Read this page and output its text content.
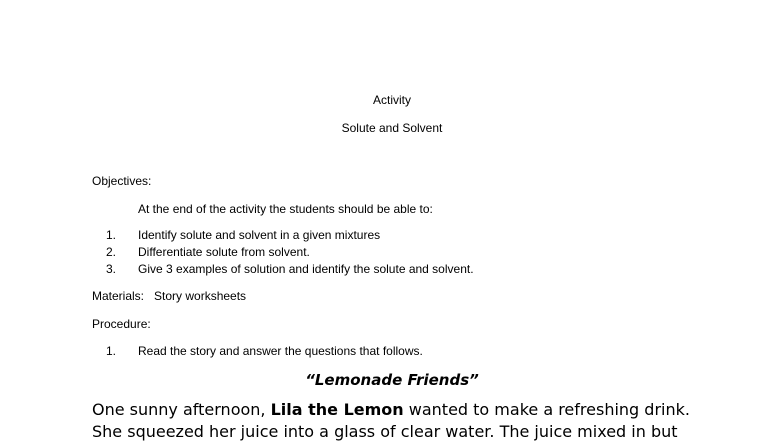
Activity
Solute and Solvent
Objectives:
At the end of the activity the students should be able to:
1. Identify solute and solvent in a given mixtures
2. Differentiate solute from solvent.
3. Give 3 examples of solution and identify the solute and solvent.
Materials: Story worksheets
Procedure:
1. Read the story and answer the questions that follows.
“Lemonade Friends”
One sunny afternoon, Lila the Lemon wanted to make a refreshing drink.
She squeezed her juice into a glass of clear water. The juice mixed in but
